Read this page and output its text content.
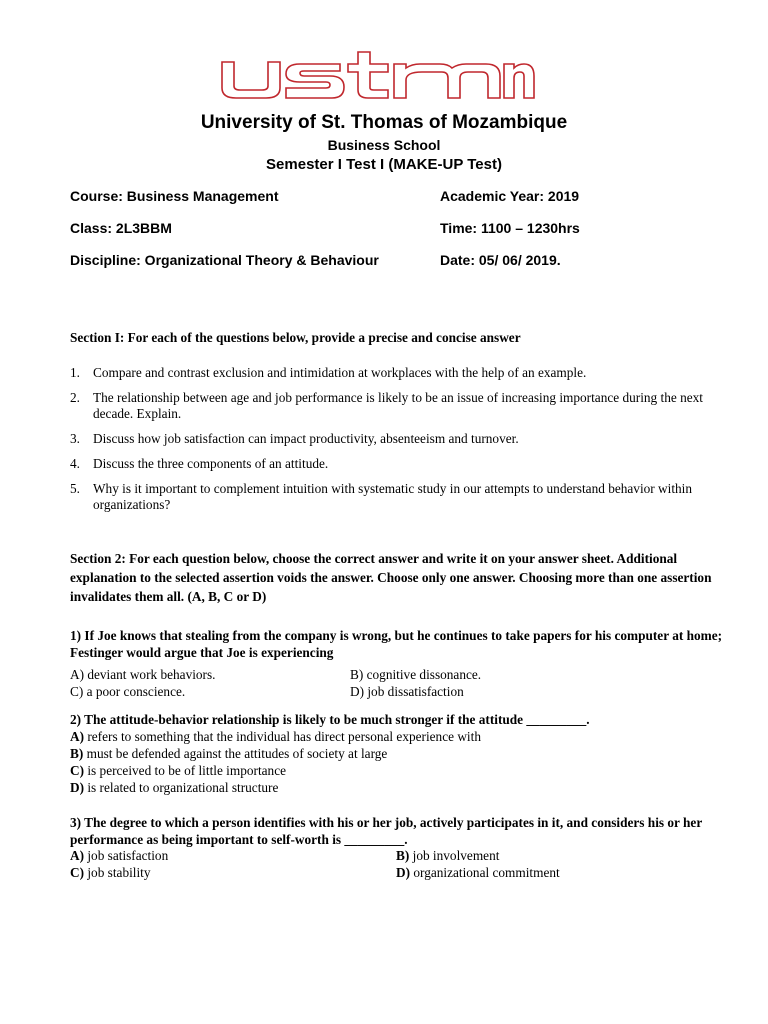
University of St. Thomas of Mozambique
Business School
Semester I Test I (MAKE-UP Test)
Course: Business Management	Academic Year: 2019
Class: 2L3BBM	Time: 1100 – 1230hrs
Discipline: Organizational Theory & Behaviour	Date: 05/ 06/ 2019.
Section I: For each of the questions below, provide a precise and concise answer
1. Compare and contrast exclusion and intimidation at workplaces with the help of an example.
2. The relationship between age and job performance is likely to be an issue of increasing importance during the next decade. Explain.
3. Discuss how job satisfaction can impact productivity, absenteeism and turnover.
4. Discuss the three components of an attitude.
5. Why is it important to complement intuition with systematic study in our attempts to understand behavior within organizations?
Section 2: For each question below, choose the correct answer and write it on your answer sheet. Additional explanation to the selected assertion voids the answer. Choose only one answer. Choosing more than one assertion invalidates them all. (A, B, C or D)
1) If Joe knows that stealing from the company is wrong, but he continues to take papers for his computer at home; Festinger would argue that Joe is experiencing
A) deviant work behaviors.	B) cognitive dissonance.
C) a poor conscience.	D) job dissatisfaction
2) The attitude-behavior relationship is likely to be much stronger if the attitude _________.
A) refers to something that the individual has direct personal experience with
B) must be defended against the attitudes of society at large
C) is perceived to be of little importance
D) is related to organizational structure
3) The degree to which a person identifies with his or her job, actively participates in it, and considers his or her performance as being important to self-worth is _________.
A) job satisfaction	B) job involvement
C) job stability	D) organizational commitment
